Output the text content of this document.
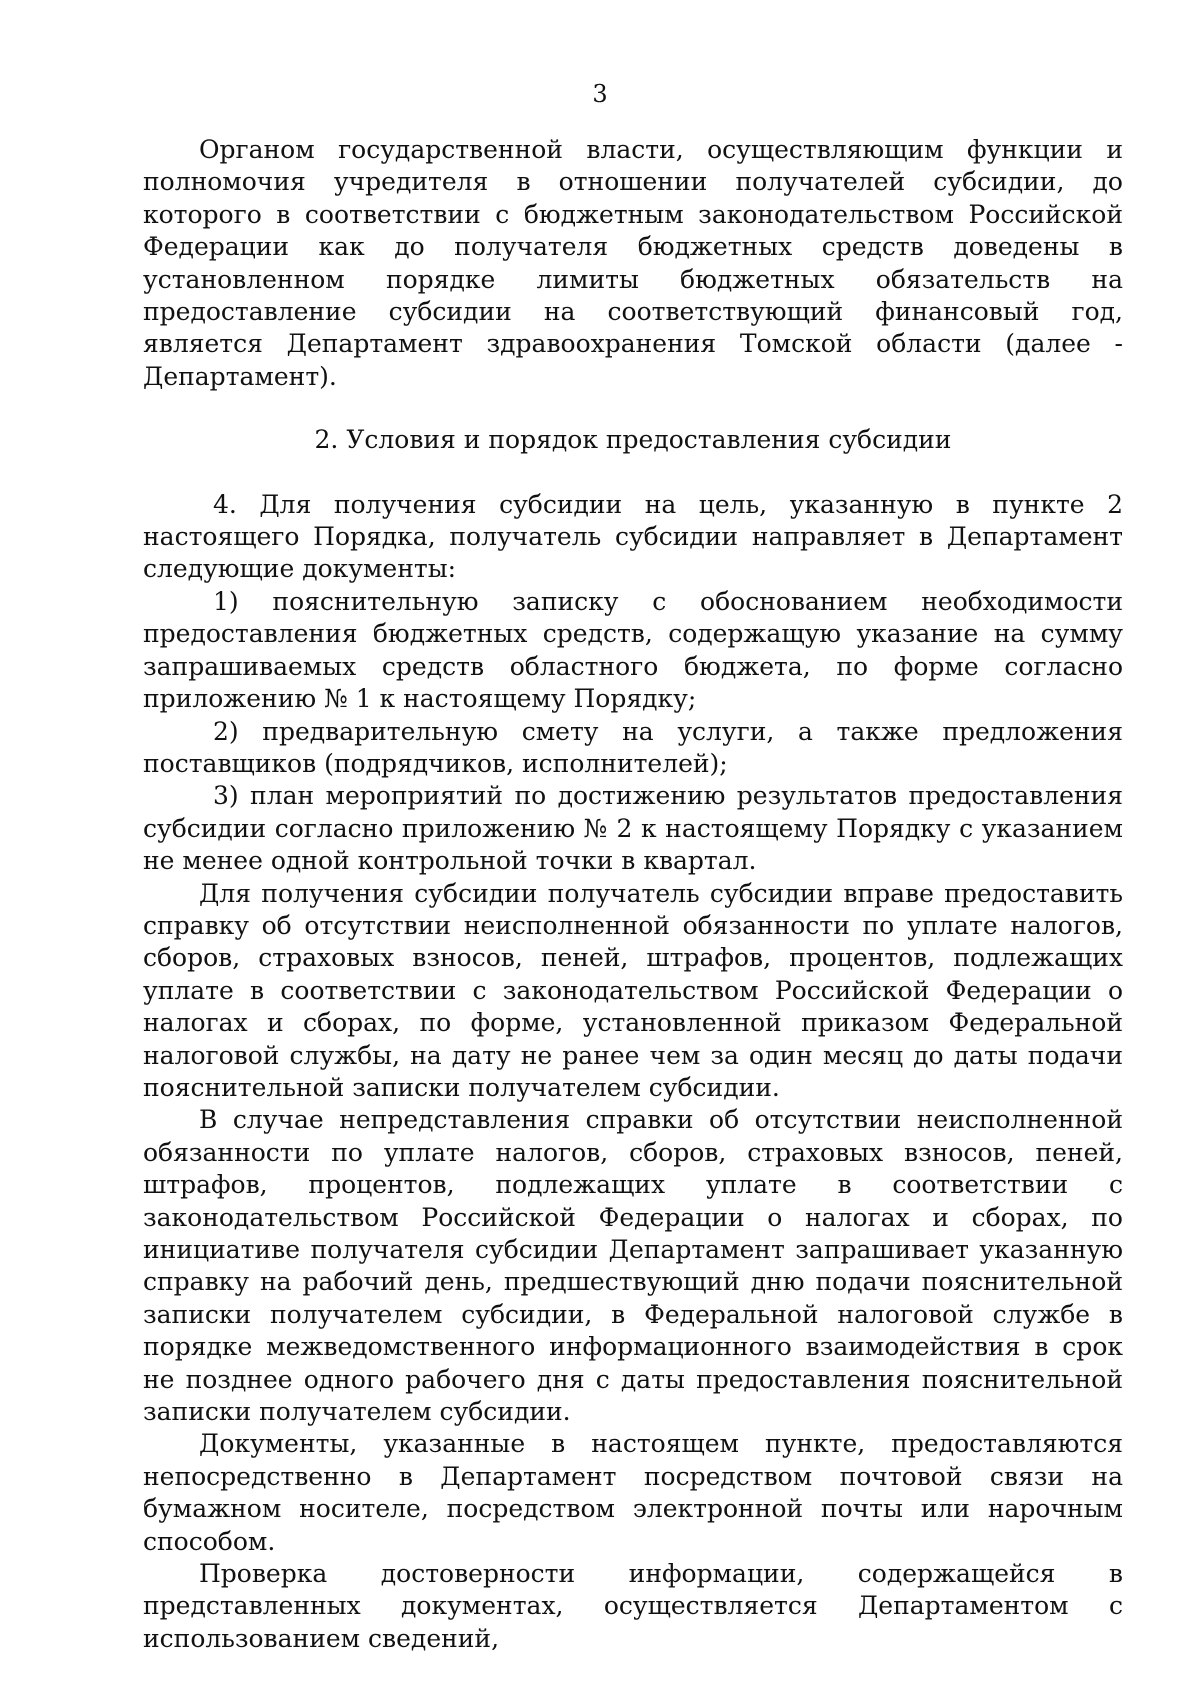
3

Органом государственной власти, осуществляющим функции и полномочия учредителя в отношении получателей субсидии, до которого в соответствии с бюджетным законодательством Российской Федерации как до получателя бюджетных средств доведены в установленном порядке лимиты бюджетных обязательств на предоставление субсидии на соответствующий финансовый год, является Департамент здравоохранения Томской области (далее - Департамент).

2. Условия и порядок предоставления субсидии

4. Для получения субсидии на цель, указанную в пункте 2 настоящего Порядка, получатель субсидии направляет в Департамент следующие документы:

1) пояснительную записку с обоснованием необходимости предоставления бюджетных средств, содержащую указание на сумму запрашиваемых средств областного бюджета, по форме согласно приложению № 1 к настоящему Порядку;

2) предварительную смету на услуги, а также предложения поставщиков (подрядчиков, исполнителей);

3) план мероприятий по достижению результатов предоставления субсидии согласно приложению № 2 к настоящему Порядку с указанием не менее одной контрольной точки в квартал.

Для получения субсидии получатель субсидии вправе предоставить справку об отсутствии неисполненной обязанности по уплате налогов, сборов, страховых взносов, пеней, штрафов, процентов, подлежащих уплате в соответствии с законодательством Российской Федерации о налогах и сборах, по форме, установленной приказом Федеральной налоговой службы, на дату не ранее чем за один месяц до даты подачи пояснительной записки получателем субсидии.

В случае непредставления справки об отсутствии неисполненной обязанности по уплате налогов, сборов, страховых взносов, пеней, штрафов, процентов, подлежащих уплате в соответствии с законодательством Российской Федерации о налогах и сборах, по инициативе получателя субсидии Департамент запрашивает указанную справку на рабочий день, предшествующий дню подачи пояснительной записки получателем субсидии, в Федеральной налоговой службе в порядке межведомственного информационного взаимодействия в срок не позднее одного рабочего дня с даты предоставления пояснительной записки получателем субсидии.

Документы, указанные в настоящем пункте, предоставляются непосредственно в Департамент посредством почтовой связи на бумажном носителе, посредством электронной почты или нарочным способом.

Проверка достоверности информации, содержащейся в представленных документах, осуществляется Департаментом с использованием сведений,
